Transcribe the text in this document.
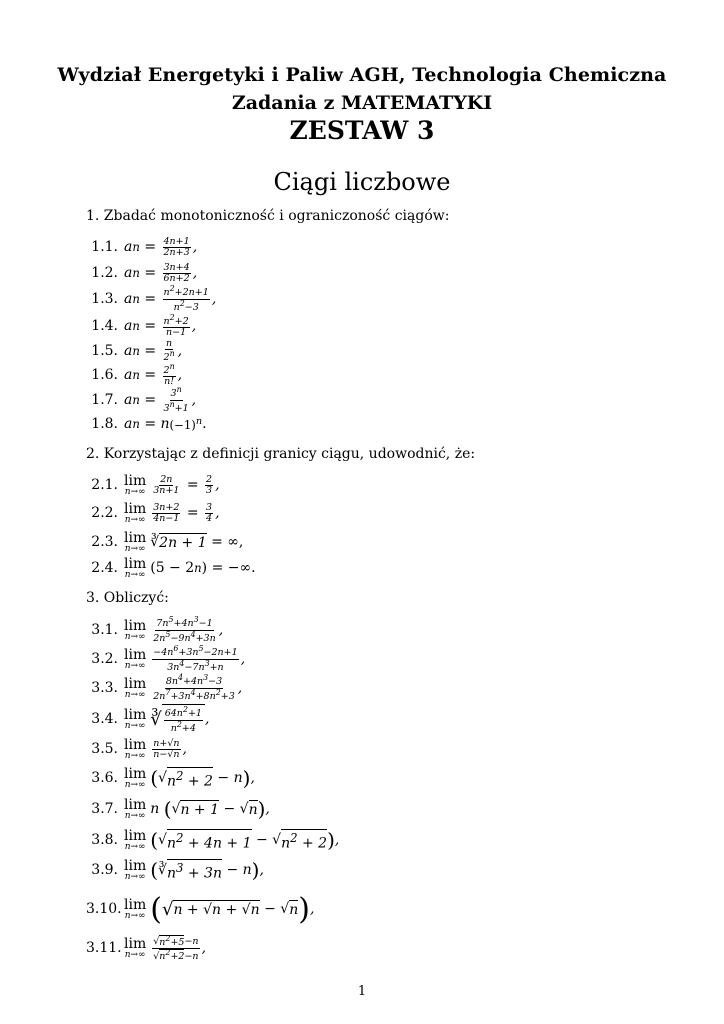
Wydział Energetyki i Paliw AGH, Technologia Chemiczna
Zadania z MATEMATYKI
ZESTAW 3
Ciągi liczbowe
1. Zbadać monotoniczność i ograniczoność ciągów:
1.1. a n
=
$\frac{4n+1}{2n+3}$ ,
1.2. a n
=
$\frac{3n+4}{6n+2}$ ,
1.3. a n
=
$\frac{n^2+2n+1}{n^2-3}$ ,
1.4. a n
=
$\frac{n^2+2}{n-1}$ ,
1.5. a n
=
$\frac{n}{2^n}$ ,
1.6. a n
=
$\frac{2^n}{n!}$ ,
1.7. a n
=
$\frac{3^n}{3^n+1}$ ,
1.8. a n
= n $(-1)^n$ .
2. Korzystając z definicji granicy ciągu, udowodnić, że:
2.1. lim
$n\to\infty \frac{2n}{3n+1}$
=
$\frac{2}{3}$ ,
2.2. lim
$n\to\infty \frac{3n+2}{4n-1}$
=
$\frac{3}{4}$ ,
2.3. lim
n→∞ ∛ 2n + 1
= ∞,
2.4. lim
n→∞ (5 − 2 n ) = −∞.
3. Obliczyć:
3.1. lim
$n\to\infty \frac{7n^5+4n^3-1}{2n^5-9n^4+3n}$ ,
3.2. lim
$n\to\infty \frac{-4n^6+3n^5-2n+1}{3n^4-7n^3+n}$ ,
3.3. lim
$n\to\infty \frac{8n^4+4n^3-3}{2n^7+3n^4+8n^2+3}$ ,
3.4. lim
n→∞ ∛ $\frac{64n^2+1}{n^2+4}$ ,
3.5. lim
$n\to\infty \frac{n+√n}{n-√n}$ ,
3.6. lim
n→∞ ( √ $n^2 + 2$
− n ) ,
3.7. lim
n→∞ n ( √ n + 1
−
√ n ) ,
3.8. lim
n→∞ ( √ $n^2 + 4n + 1$
−
√ $n^2 + 2$ ) ,
3.9. lim
n→∞ ( ∛ $n^3 + 3n$
− n ) ,
3.10. lim
n→∞ ( √ n + √n + √n
−
√ n ) ,
3.11. lim
$n\to\infty \frac{√n^2+5-n}{√n^2+2-n}$ ,
1
